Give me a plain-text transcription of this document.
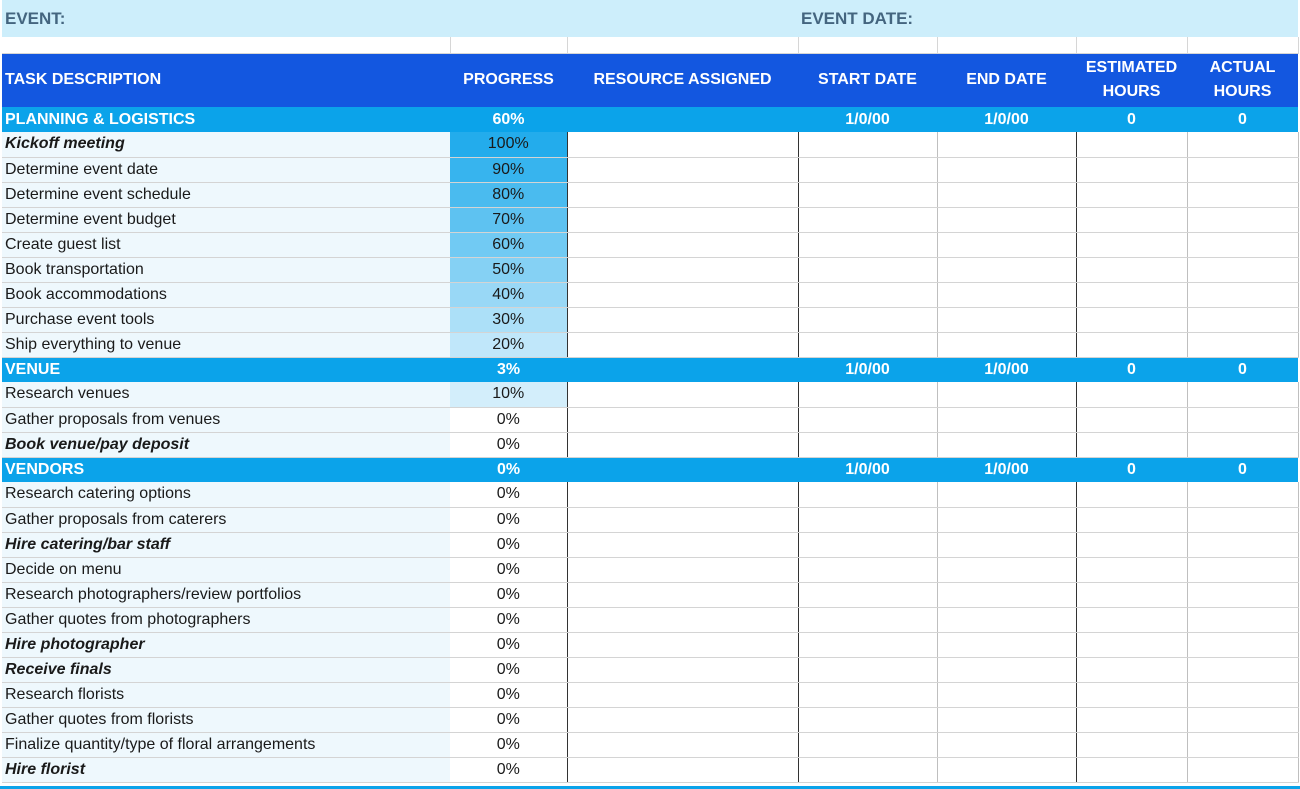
EVENT:			EVENT DATE:			

TASK DESCRIPTION	PROGRESS	RESOURCE ASSIGNED	START DATE	END DATE	ESTIMATED HOURS	ACTUAL HOURS
PLANNING & LOGISTICS	60%		1/0/00	1/0/00	0	0
Kickoff meeting	100%					
Determine event date	90%					
Determine event schedule	80%					
Determine event budget	70%					
Create guest list	60%					
Book transportation	50%					
Book accommodations	40%					
Purchase event tools	30%					
Ship everything to venue	20%					
VENUE	3%		1/0/00	1/0/00	0	0
Research venues	10%					
Gather proposals from venues	0%					
Book venue/pay deposit	0%					
VENDORS	0%		1/0/00	1/0/00	0	0
Research catering options	0%					
Gather proposals from caterers	0%					
Hire catering/bar staff	0%					
Decide on menu	0%					
Research photographers/review portfolios	0%					
Gather quotes from photographers	0%					
Hire photographer	0%					
Receive finals	0%					
Research florists	0%					
Gather quotes from florists	0%					
Finalize quantity/type of floral arrangements	0%					
Hire florist	0%					
